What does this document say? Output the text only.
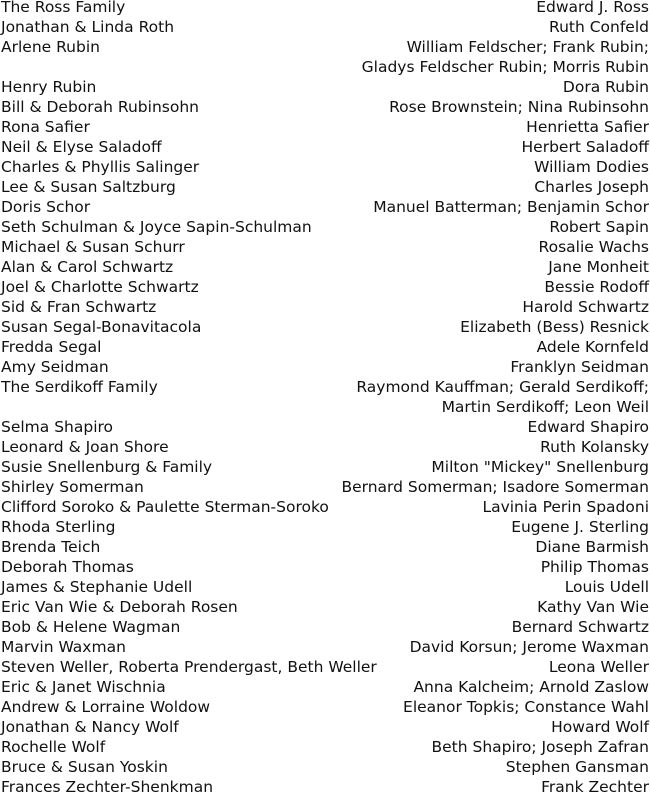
The Ross Family	Edward J. Ross
Jonathan & Linda Roth	Ruth Confeld
Arlene Rubin	William Feldscher; Frank Rubin;
Gladys Feldscher Rubin; Morris Rubin
Henry Rubin	Dora Rubin
Bill & Deborah Rubinsohn	Rose Brownstein; Nina Rubinsohn
Rona Safier	Henrietta Safier
Neil & Elyse Saladoff	Herbert Saladoff
Charles & Phyllis Salinger	William Dodies
Lee & Susan Saltzburg	Charles Joseph
Doris Schor	Manuel Batterman; Benjamin Schor
Seth Schulman & Joyce Sapin-Schulman	Robert Sapin
Michael & Susan Schurr	Rosalie Wachs
Alan & Carol Schwartz	Jane Monheit
Joel & Charlotte Schwartz	Bessie Rodoff
Sid & Fran Schwartz	Harold Schwartz
Susan Segal-Bonavitacola	Elizabeth (Bess) Resnick
Fredda Segal	Adele Kornfeld
Amy Seidman	Franklyn Seidman
The Serdikoff Family	Raymond Kauffman; Gerald Serdikoff;
Martin Serdikoff; Leon Weil
Selma Shapiro	Edward Shapiro
Leonard & Joan Shore	Ruth Kolansky
Susie Snellenburg & Family	Milton "Mickey" Snellenburg
Shirley Somerman	Bernard Somerman; Isadore Somerman
Clifford Soroko & Paulette Sterman-Soroko	Lavinia Perin Spadoni
Rhoda Sterling	Eugene J. Sterling
Brenda Teich	Diane Barmish
Deborah Thomas	Philip Thomas
James & Stephanie Udell	Louis Udell
Eric Van Wie & Deborah Rosen	Kathy Van Wie
Bob & Helene Wagman	Bernard Schwartz
Marvin Waxman	David Korsun; Jerome Waxman
Steven Weller, Roberta Prendergast, Beth Weller	Leona Weller
Eric & Janet Wischnia	Anna Kalcheim; Arnold Zaslow
Andrew & Lorraine Woldow	Eleanor Topkis; Constance Wahl
Jonathan & Nancy Wolf	Howard Wolf
Rochelle Wolf	Beth Shapiro; Joseph Zafran
Bruce & Susan Yoskin	Stephen Gansman
Frances Zechter-Shenkman	Frank Zechter
